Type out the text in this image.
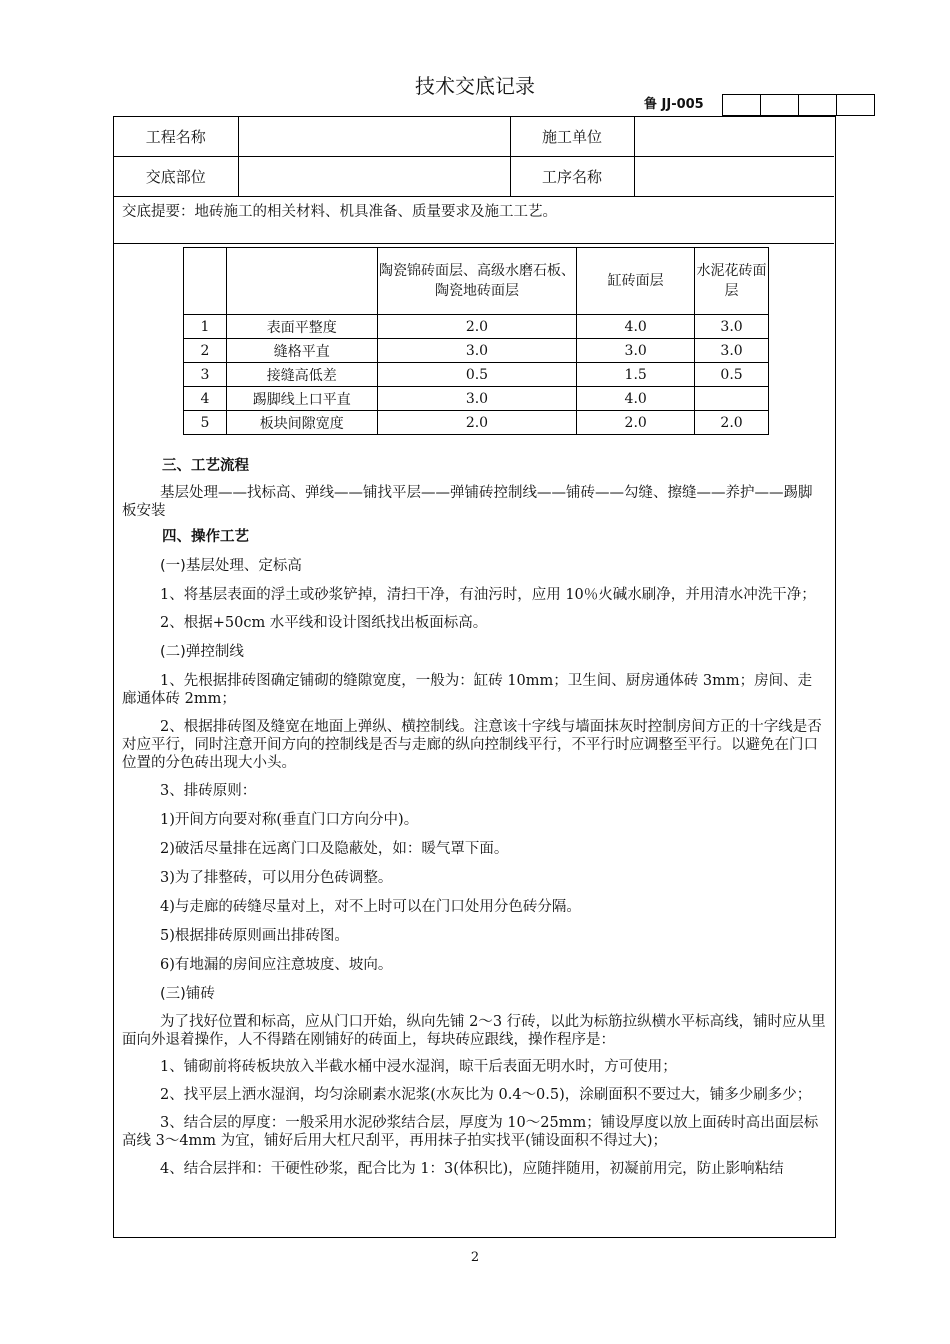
技术交底记录
鲁 JJ-005
工程名称		施工单位	
交底部位		工序名称	
交底提要：地砖施工的相关材料、机具准备、质量要求及施工工艺。
		陶瓷锦砖面层、高级水磨石板、陶瓷地砖面层	缸砖面层	水泥花砖面层
1	表面平整度	2.0	4.0	3.0
2	缝格平直	3.0	3.0	3.0
3	接缝高低差	0.5	1.5	0.5
4	踢脚线上口平直	3.0	4.0	
5	板块间隙宽度	2.0	2.0	2.0

三、工艺流程

基层处理——找标高、弹线——铺找平层——弹铺砖控制线——铺砖——勾缝、擦缝——养护——踢脚板安装

四、操作工艺

(一)基层处理、定标高

1、将基层表面的浮土或砂浆铲掉，清扫干净，有油污时，应用 10％火碱水刷净，并用清水冲洗干净；

2、根据+50cm 水平线和设计图纸找出板面标高。

(二)弹控制线

1、先根据排砖图确定铺砌的缝隙宽度，一般为：缸砖 10mm；卫生间、厨房通体砖 3mm；房间、走廊通体砖 2mm；

2、根据排砖图及缝宽在地面上弹纵、横控制线。注意该十字线与墙面抹灰时控制房间方正的十字线是否对应平行，同时注意开间方向的控制线是否与走廊的纵向控制线平行，不平行时应调整至平行。以避免在门口位置的分色砖出现大小头。

3、排砖原则：

1)开间方向要对称(垂直门口方向分中)。

2)破活尽量排在远离门口及隐蔽处，如：暖气罩下面。

3)为了排整砖，可以用分色砖调整。

4)与走廊的砖缝尽量对上，对不上时可以在门口处用分色砖分隔。

5)根据排砖原则画出排砖图。

6)有地漏的房间应注意坡度、坡向。

(三)铺砖

为了找好位置和标高，应从门口开始，纵向先铺 2～3 行砖，以此为标筋拉纵横水平标高线，铺时应从里面向外退着操作，人不得踏在刚铺好的砖面上，每块砖应跟线，操作程序是：

1、铺砌前将砖板块放入半截水桶中浸水湿润，晾干后表面无明水时，方可使用；

2、找平层上洒水湿润，均匀涂刷素水泥浆(水灰比为 0.4～0.5)，涂刷面积不要过大，铺多少刷多少；

3、结合层的厚度：一般采用水泥砂浆结合层，厚度为 10～25mm；铺设厚度以放上面砖时高出面层标高线 3～4mm 为宜，铺好后用大杠尺刮平，再用抹子拍实找平(铺设面积不得过大)；

4、结合层拌和：干硬性砂浆，配合比为 1：3(体积比)，应随拌随用，初凝前用完，防止影响粘结

2
